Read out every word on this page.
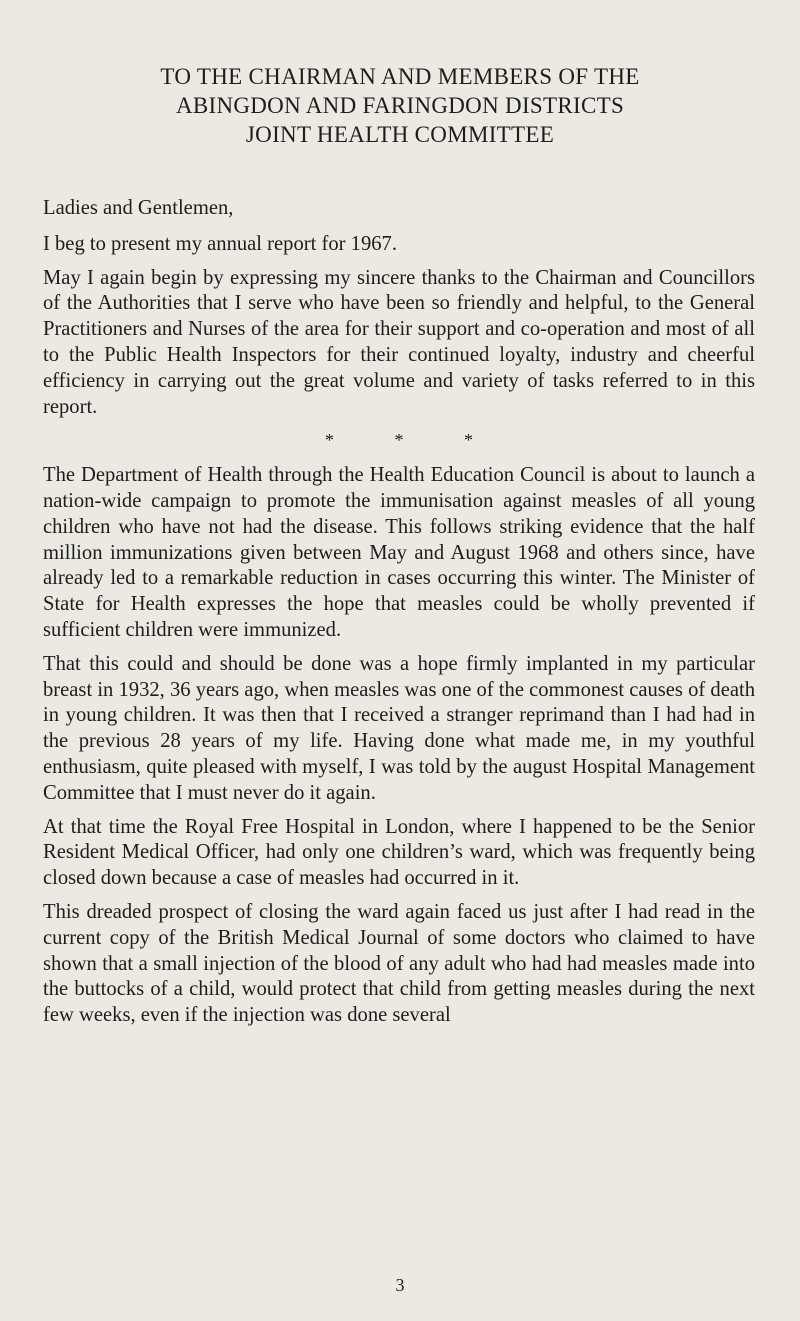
TO THE CHAIRMAN AND MEMBERS OF THE
ABINGDON AND FARINGDON DISTRICTS
JOINT HEALTH COMMITTEE

Ladies and Gentlemen,

I beg to present my annual report for 1967.

May I again begin by expressing my sincere thanks to the Chairman and Councillors of the Authorities that I serve who have been so friendly and helpful, to the General Practitioners and Nurses of the area for their support and co-operation and most of all to the Public Health Inspectors for their continued loyalty, industry and cheerful efficiency in carrying out the great volume and variety of tasks referred to in this report.

* * *

The Department of Health through the Health Education Council is about to launch a nation-wide campaign to promote the immunisation against measles of all young children who have not had the disease. This follows striking evidence that the half million immunizations given between May and August 1968 and others since, have already led to a remarkable reduction in cases occurring this winter. The Minister of State for Health expresses the hope that measles could be wholly prevented if sufficient children were immunized.

That this could and should be done was a hope firmly implanted in my particular breast in 1932, 36 years ago, when measles was one of the commonest causes of death in young children. It was then that I received a stranger reprimand than I had had in the previous 28 years of my life. Having done what made me, in my youthful enthusiasm, quite pleased with myself, I was told by the august Hospital Management Committee that I must never do it again.

At that time the Royal Free Hospital in London, where I happened to be the Senior Resident Medical Officer, had only one children’s ward, which was frequently being closed down because a case of measles had occurred in it.

This dreaded prospect of closing the ward again faced us just after I had read in the current copy of the British Medical Journal of some doctors who claimed to have shown that a small injection of the blood of any adult who had had measles made into the buttocks of a child, would protect that child from getting measles during the next few weeks, even if the injection was done several

3
